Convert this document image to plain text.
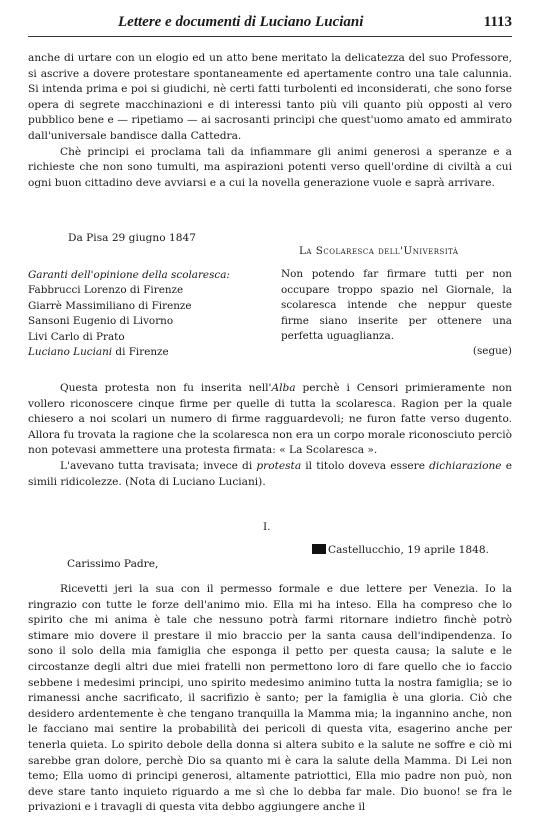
Lettere e documenti di Luciano Luciani	1113

anche di urtare con un elogio ed un atto bene meritato la delicatezza del suo Professore, si ascrive a dovere protestare spontaneamente ed apertamente contro una tale calunnia. Si intenda prima e poi si giudichi, nè certi fatti turbolenti ed inconsiderati, che sono forse opera di segrete macchinazioni e di interessi tanto più vili quanto più opposti al vero pubblico bene e — ripetiamo — ai sacrosanti principi che quest'uomo amato ed ammirato dall'universale bandisce dalla Cattedra.

Chè principi ei proclama tali da infiammare gli animi generosi a speranze e a richieste che non sono tumulti, ma aspirazioni potenti verso quell'ordine di civiltà a cui ogni buon cittadino deve avviarsi e a cui la novella generazione vuole e saprà arrivare.

Da Pisa 29 giugno 1847
La Scolaresca dell'Università
Non potendo far firmare tutti per non occupare troppo spazio nel Giornale, la scolaresca intende che neppur queste firme siano inserite per ottenere una perfetta uguaglianza.
(segue)
Garanti dell'opinione della scolaresca:
Fabbrucci Lorenzo di Firenze
Giarrè Massimiliano di Firenze
Sansoni Eugenio di Livorno
Livi Carlo di Prato
Luciano Luciani di Firenze

Questa protesta non fu inserita nell'Alba perchè i Censori primieramente non vollero riconoscere cinque firme per quelle di tutta la scolaresca. Ragion per la quale chiesero a noi scolari un numero di firme ragguardevoli; ne furon fatte verso dugento. Allora fu trovata la ragione che la scolaresca non era un corpo morale riconosciuto perciò non potevasi ammettere una protesta firmata: « La Scolaresca ».

L'avevano tutta travisata; invece di protesta il titolo doveva essere dichiarazione e simili ridicolezze. (Nota di Luciano Luciani).

I.
Castellucchio, 19 aprile 1848.
Carissimo Padre,

Ricevetti jeri la sua con il permesso formale e due lettere per Venezia. Io la ringrazio con tutte le forze dell'animo mio. Ella mi ha inteso. Ella ha compreso che lo spirito che mi anima è tale che nessuno potrà farmi ritornare indietro finchè potrò stimare mio dovere il prestare il mio braccio per la santa causa dell'indipendenza. Io sono il solo della mia famiglia che esponga il petto per questa causa; la salute e le circostanze degli altri due miei fratelli non permettono loro di fare quello che io faccio sebbene i medesimi principi, uno spirito medesimo animino tutta la nostra famiglia; se io rimanessi anche sacrificato, il sacrifizio è santo; per la famiglia è una gloria. Ciò che desidero ardentemente è che tengano tranquilla la Mamma mia; la ingannino anche, non le facciano mai sentire la probabilità dei pericoli di questa vita, esagerino anche per tenerla quieta. Lo spirito debole della donna si altera subito e la salute ne soffre e ciò mi sarebbe gran dolore, perchè Dio sa quanto mi è cara la salute della Mamma. Di Lei non temo; Ella uomo di principi generosi, altamente patriottici, Ella mio padre non può, non deve stare tanto inquieto riguardo a me sì che lo debba far male. Dio buono! se fra le privazioni e i travagli di questa vita debbo aggiungere anche il
